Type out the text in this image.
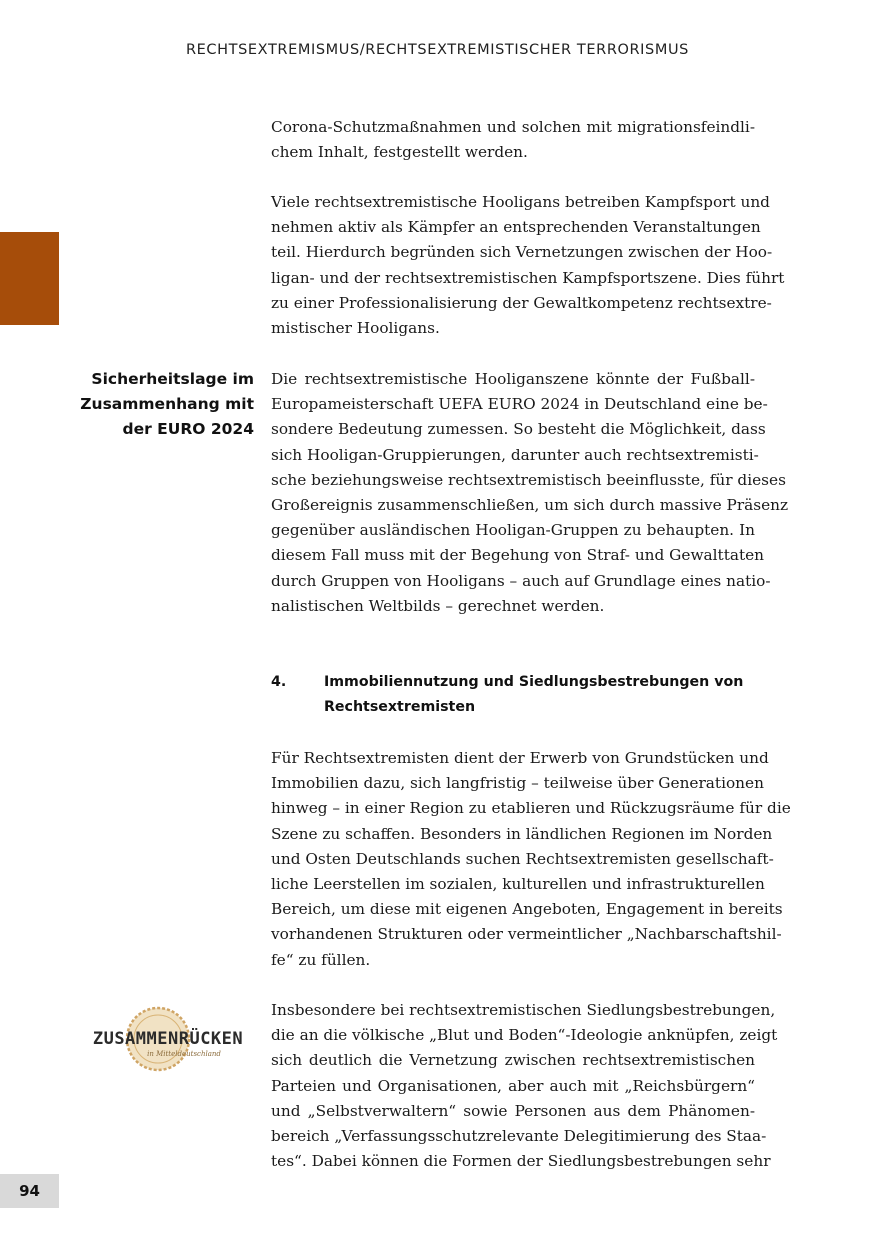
RECHTSEXTREMISMUS/RECHTSEXTREMISTISCHER TERRORISMUS
Corona-Schutzmaßnahmen und solchen mit migrationsfeindli-
chem Inhalt, festgestellt werden.
Viele rechtsextremistische Hooligans betreiben Kampfsport und
nehmen aktiv als Kämpfer an entsprechenden Veranstaltungen
teil. Hierdurch begründen sich Vernetzungen zwischen der Hoo-
ligan- und der rechtsextremistischen Kampfsportszene. Dies führt
zu einer Professionalisierung der Gewaltkompetenz rechtsextre-
mistischer Hooligans.
Sicherheitslage im
Zusammenhang mit
der EURO 2024
Die rechtsextremistische Hooliganszene könnte der Fußball-
Europameisterschaft UEFA EURO 2024 in Deutschland eine be-
sondere Bedeutung zumessen. So besteht die Möglichkeit, dass
sich Hooligan-Gruppierungen, darunter auch rechtsextremisti-
sche beziehungsweise rechtsextremistisch beeinflusste, für dieses
Großereignis zusammenschließen, um sich durch massive Präsenz
gegenüber ausländischen Hooligan-Gruppen zu behaupten. In
diesem Fall muss mit der Begehung von Straf- und Gewalttaten
durch Gruppen von Hooligans – auch auf Grundlage eines natio-
nalistischen Weltbilds – gerechnet werden.
4.	Immobiliennutzung und Siedlungsbestrebungen von
Rechtsextremisten
Für Rechtsextremisten dient der Erwerb von Grundstücken und
Immobilien dazu, sich langfristig – teilweise über Generationen
hinweg – in einer Region zu etablieren und Rückzugsräume für die
Szene zu schaffen. Besonders in ländlichen Regionen im Norden
und Osten Deutschlands suchen Rechtsextremisten gesellschaft-
liche Leerstellen im sozialen, kulturellen und infrastrukturellen
Bereich, um diese mit eigenen Angeboten, Engagement in bereits
vorhandenen Strukturen oder vermeintlicher „Nachbarschaftshil-
fe“ zu füllen.
ZUSAMMENRÜCKEN
in Mitteldeutschland
Insbesondere bei rechtsextremistischen Siedlungsbestrebungen,
die an die völkische „Blut und Boden“-Ideologie anknüpfen, zeigt
sich deutlich die Vernetzung zwischen rechtsextremistischen
Parteien und Organisationen, aber auch mit „Reichsbürgern“
und „Selbstverwaltern“ sowie Personen aus dem Phänomen-
bereich „Verfassungsschutzrelevante Delegitimierung des Staa-
tes“. Dabei können die Formen der Siedlungsbestrebungen sehr
94
